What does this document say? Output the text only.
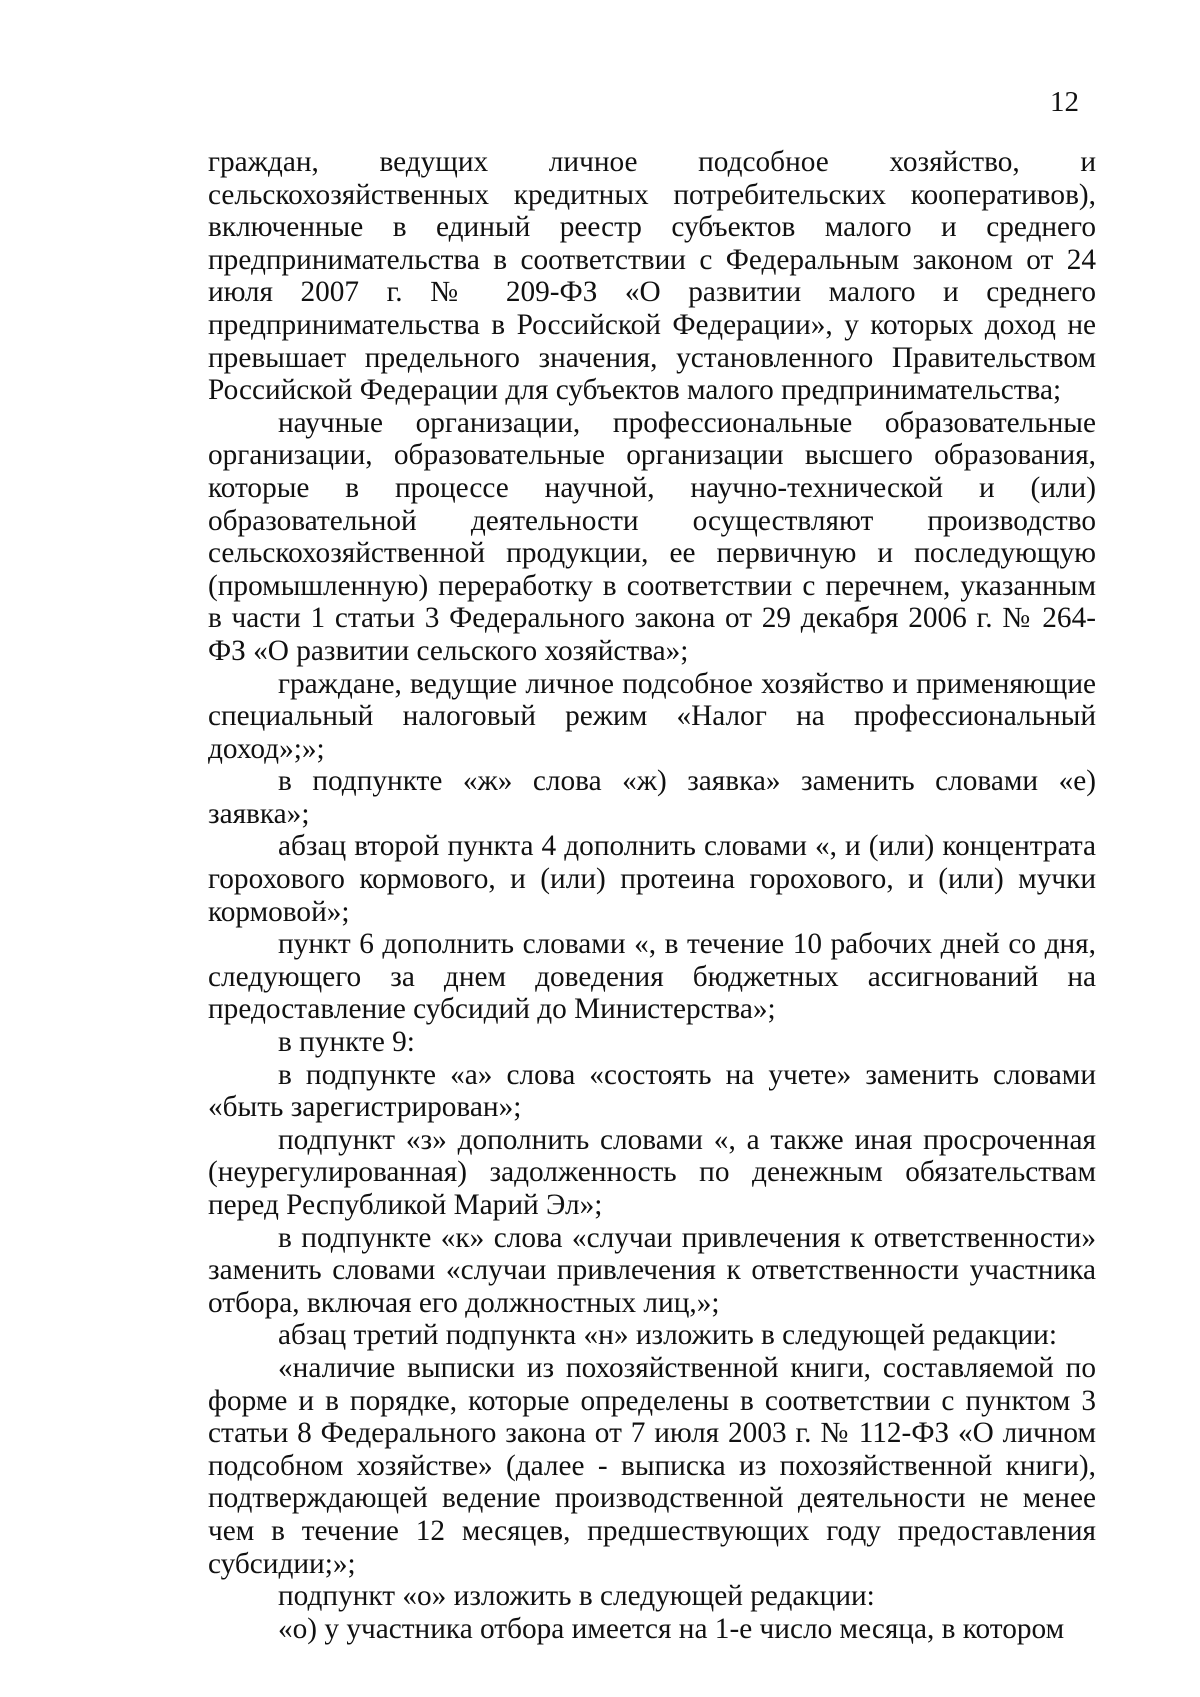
12

граждан, ведущих личное подсобное хозяйство, и сельскохозяйственных кредитных потребительских кооперативов), включенные в единый реестр субъектов малого и среднего предпринимательства в соответствии с Федеральным законом от 24 июля 2007 г. № 209-ФЗ «О развитии малого и среднего предпринимательства в Российской Федерации», у которых доход не превышает предельного значения, установленного Правительством Российской Федерации для субъектов малого предпринимательства;

научные организации, профессиональные образовательные организации, образовательные организации высшего образования, которые в процессе научной, научно-технической и (или) образовательной деятельности осуществляют производство сельскохозяйственной продукции, ее первичную и последующую (промышленную) переработку в соответствии с перечнем, указанным в части 1 статьи 3 Федерального закона от 29 декабря 2006 г. № 264-ФЗ «О развитии сельского хозяйства»;

граждане, ведущие личное подсобное хозяйство и применяющие специальный налоговый режим «Налог на профессиональный доход»;»;

в подпункте «ж» слова «ж) заявка» заменить словами «е) заявка»;

абзац второй пункта 4 дополнить словами «, и (или) концентрата горохового кормового, и (или) протеина горохового, и (или) мучки кормовой»;

пункт 6 дополнить словами «, в течение 10 рабочих дней со дня, следующего за днем доведения бюджетных ассигнований на предоставление субсидий до Министерства»;

в пункте 9:

в подпункте «а» слова «состоять на учете» заменить словами «быть зарегистрирован»;

подпункт «з» дополнить словами «, а также иная просроченная (неурегулированная) задолженность по денежным обязательствам перед Республикой Марий Эл»;

в подпункте «к» слова «случаи привлечения к ответственности» заменить словами «случаи привлечения к ответственности участника отбора, включая его должностных лиц,»;

абзац третий подпункта «н» изложить в следующей редакции:

«наличие выписки из похозяйственной книги, составляемой по форме и в порядке, которые определены в соответствии с пунктом 3 статьи 8 Федерального закона от 7 июля 2003 г. № 112-ФЗ «О личном подсобном хозяйстве» (далее - выписка из похозяйственной книги), подтверждающей ведение производственной деятельности не менее чем в течение 12 месяцев, предшествующих году предоставления субсидии;»;

подпункт «о» изложить в следующей редакции:

«о) у участника отбора имеется на 1-е число месяца, в котором
